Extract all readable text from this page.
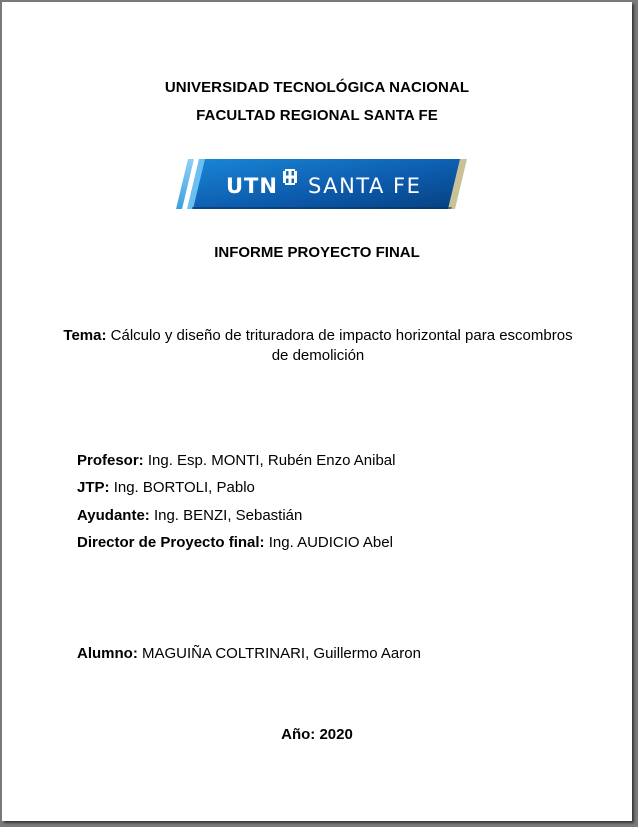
UNIVERSIDAD TECNOLÓGICA NACIONAL
FACULTAD REGIONAL SANTA FE
UTN SANTA FE
INFORME PROYECTO FINAL
Tema: Cálculo y diseño de trituradora de impacto horizontal para escombros de demolición
Profesor: Ing. Esp. MONTI, Rubén Enzo Anibal
JTP: Ing. BORTOLI, Pablo
Ayudante: Ing. BENZI, Sebastián
Director de Proyecto final: Ing. AUDICIO Abel
Alumno: MAGUIÑA COLTRINARI, Guillermo Aaron
Año: 2020
